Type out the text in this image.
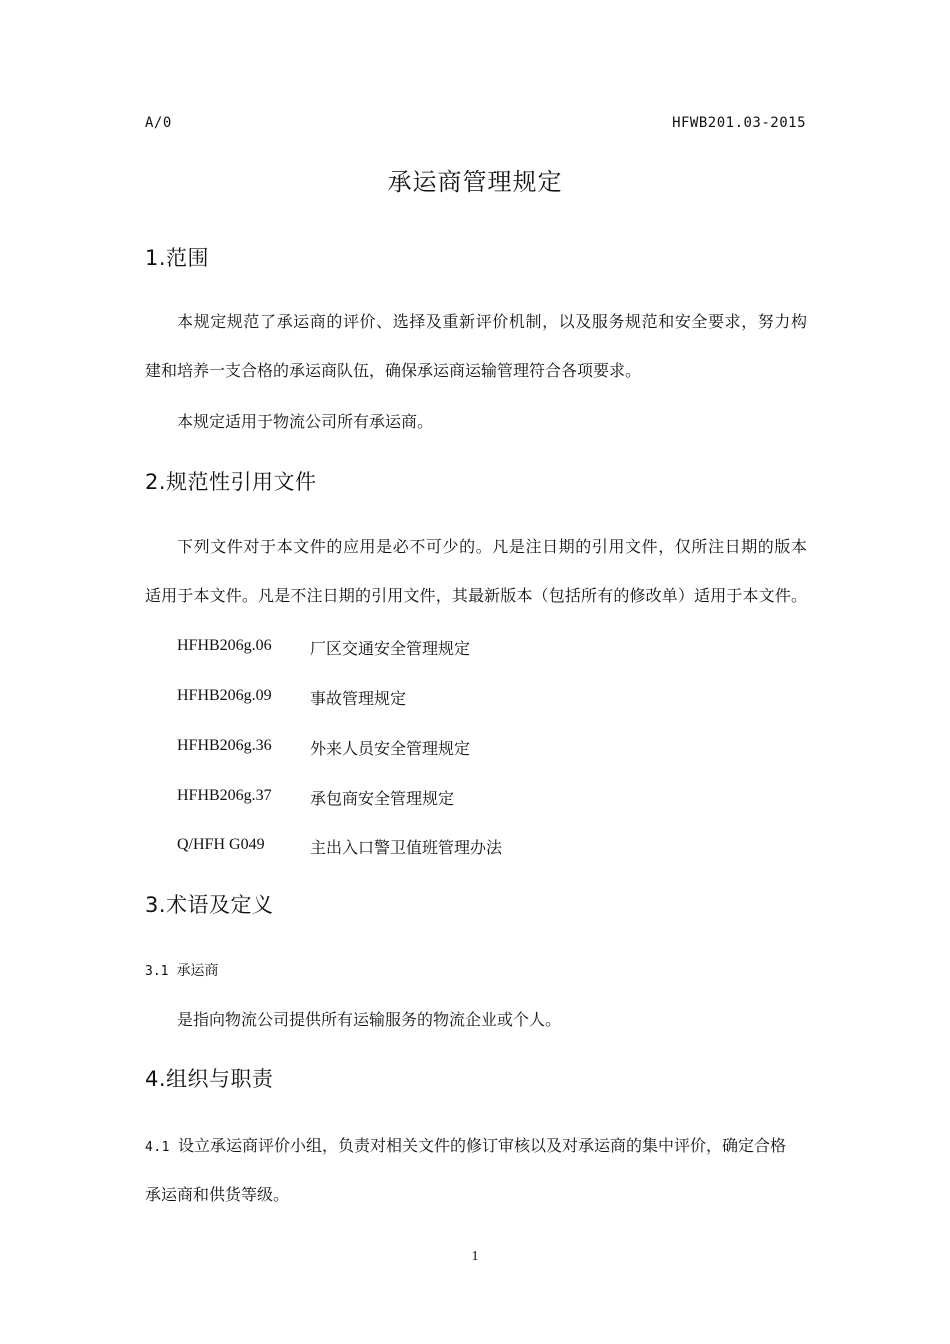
A/0	HFWB201.03-2015
承运商管理规定
1.范围
本规定规范了承运商的评价、选择及重新评价机制，以及服务规范和安全要求，努力构
建和培养一支合格的承运商队伍，确保承运商运输管理符合各项要求。
本规定适用于物流公司所有承运商。
2.规范性引用文件
下列文件对于本文件的应用是必不可少的。凡是注日期的引用文件，仅所注日期的版本
适用于本文件。凡是不注日期的引用文件，其最新版本（包括所有的修改单）适用于本文件。
HFHB206g.06 厂区交通安全管理规定
HFHB206g.09 事故管理规定
HFHB206g.36 外来人员安全管理规定
HFHB206g.37 承包商安全管理规定
Q/HFH G049	主出入口警卫值班管理办法
3.术语及定义
3.1 承运商
是指向物流公司提供所有运输服务的物流企业或个人。
4.组织与职责
4.1 设立承运商评价小组，负责对相关文件的修订审核以及对承运商的集中评价，确定合格
承运商和供货等级。
1
